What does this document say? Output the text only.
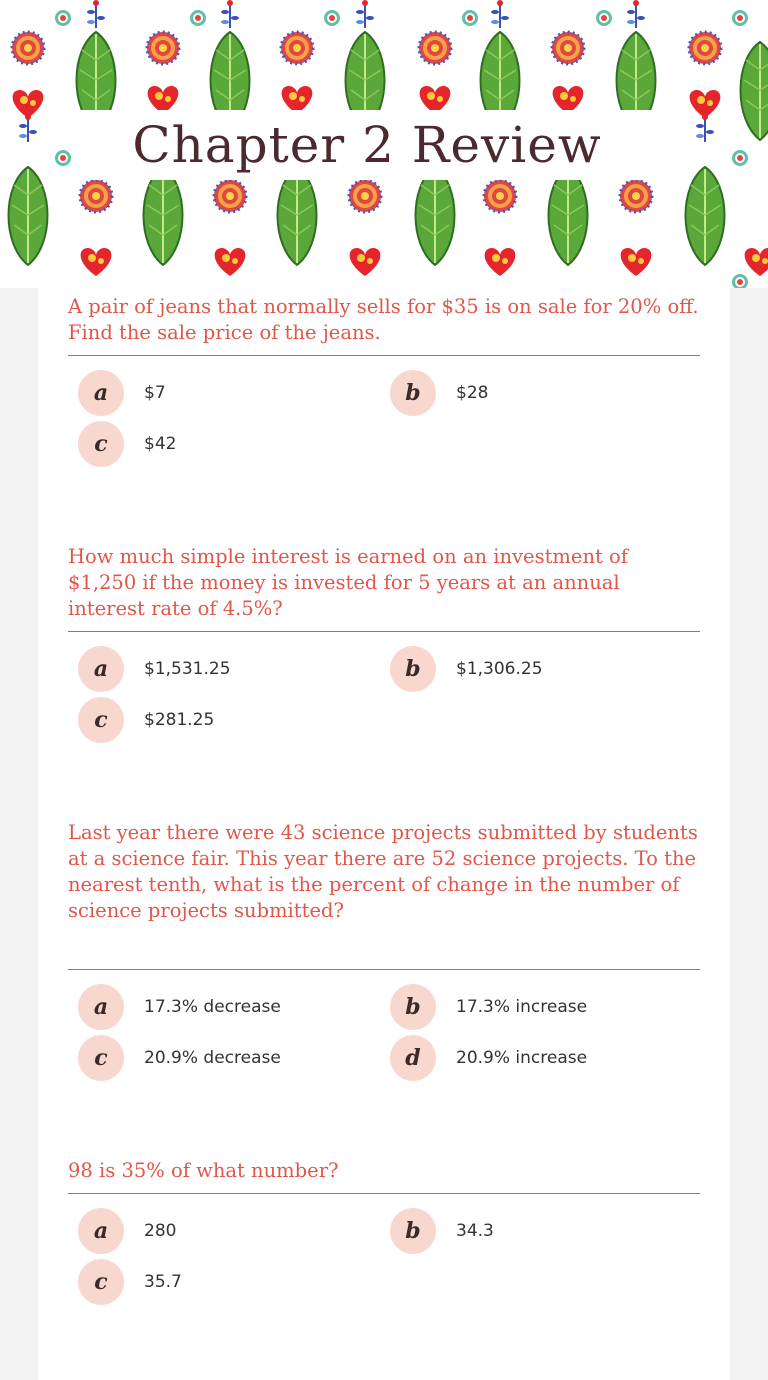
Chapter 2 Review

A pair of jeans that normally sells for $35 is on sale for 20% off. Find the sale price of the jeans.

a	$7	b	$28
c	$42

How much simple interest is earned on an investment of $1,250 if the money is invested for 5 years at an annual interest rate of 4.5%?

a	$1,531.25	b	$1,306.25
c	$281.25

Last year there were 43 science projects submitted by students at a science fair. This year there are 52 science projects. To the nearest tenth, what is the percent of change in the number of science projects submitted?

a	17.3% decrease	b	17.3% increase
c	20.9% decrease	d	20.9% increase

98 is 35% of what number?

a	280	b	34.3
c	35.7
